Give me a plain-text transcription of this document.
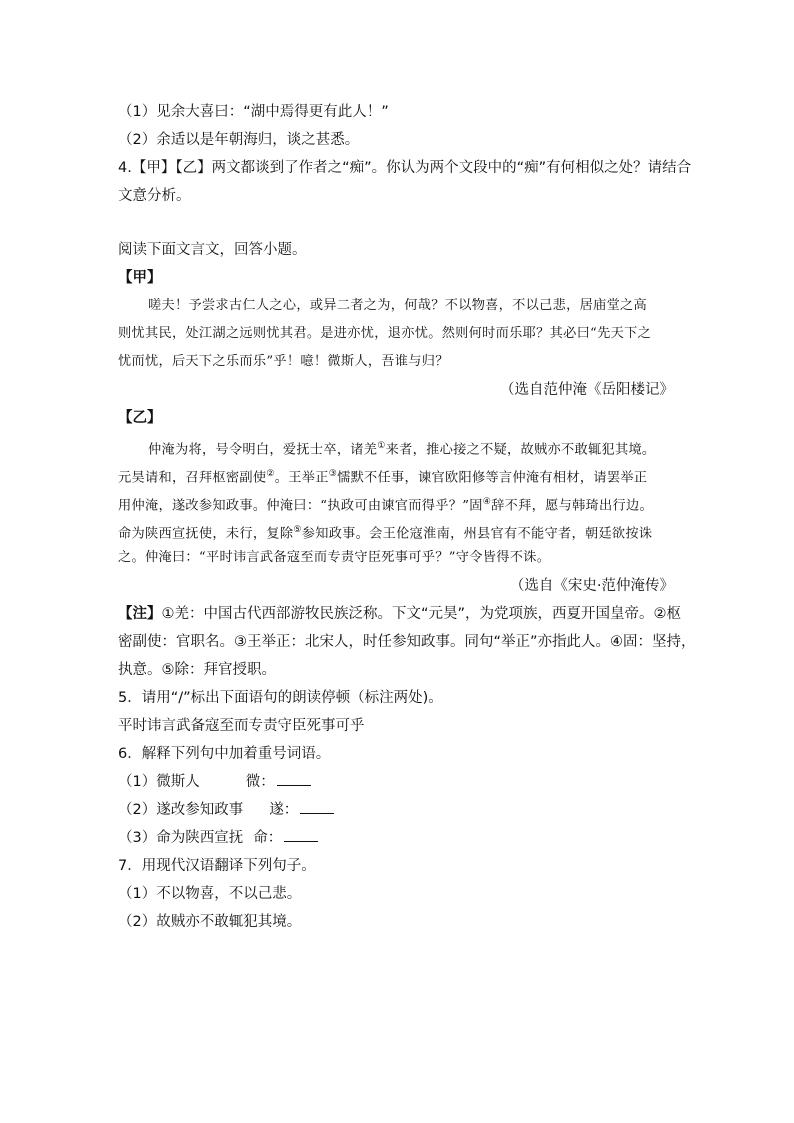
（1）见余大喜曰：“湖中焉得更有此人！”
（2）余适以是年朝海归，谈之甚悉。
4.【甲】【乙】两文都谈到了作者之“痴”。你认为两个文段中的“痴”有何相似之处？请结合
文意分析。
阅读下面文言文，回答小题。
【甲】
嗟夫！予尝求古仁人之心，或异二者之为，何哉？不以物喜，不以己悲，居庙堂之高
则忧其民，处江湖之远则忧其君。是进亦忧，退亦忧。然则何时而乐耶？其必曰“先天下之
忧而忧，后天下之乐而乐”乎！噫！微斯人，吾谁与归？
（选自范仲淹《岳阳楼记》
【乙】
仲淹为将，号令明白，爱抚士卒，诸羌①来者，推心接之不疑，故贼亦不敢辄犯其境。
元昊请和，召拜枢密副使②。王举正③懦默不任事，谏官欧阳修等言仲淹有相材，请罢举正
用仲淹，遂改参知政事。仲淹曰：“执政可由谏官而得乎？”固④辞不拜，愿与韩琦出行边。
命为陕西宣抚使，未行，复除⑤参知政事。会王伦寇淮南，州县官有不能守者，朝廷欲按诛
之。仲淹曰：“平时讳言武备寇至而专责守臣死事可乎？”守令皆得不诛。
（选自《宋史·范仲淹传》
【注】①羌：中国古代西部游牧民族泛称。下文“元昊”，为党项族，西夏开国皇帝。②枢
密副使：官职名。③王举正：北宋人，时任参知政事。同句“举正”亦指此人。④固：坚持，
执意。⑤除：拜官授职。
5．请用“/”标出下面语句的朗读停顿（标注两处)。
平时讳言武备寇至而专责守臣死事可乎
6．解释下列句中加着重号词语。
（1）微斯人	微：
（2）遂改参知政事 遂：
（3）命为陕西宣抚 命：
7．用现代汉语翻译下列句子。
（1）不以物喜，不以己悲。
（2）故贼亦不敢辄犯其境。
